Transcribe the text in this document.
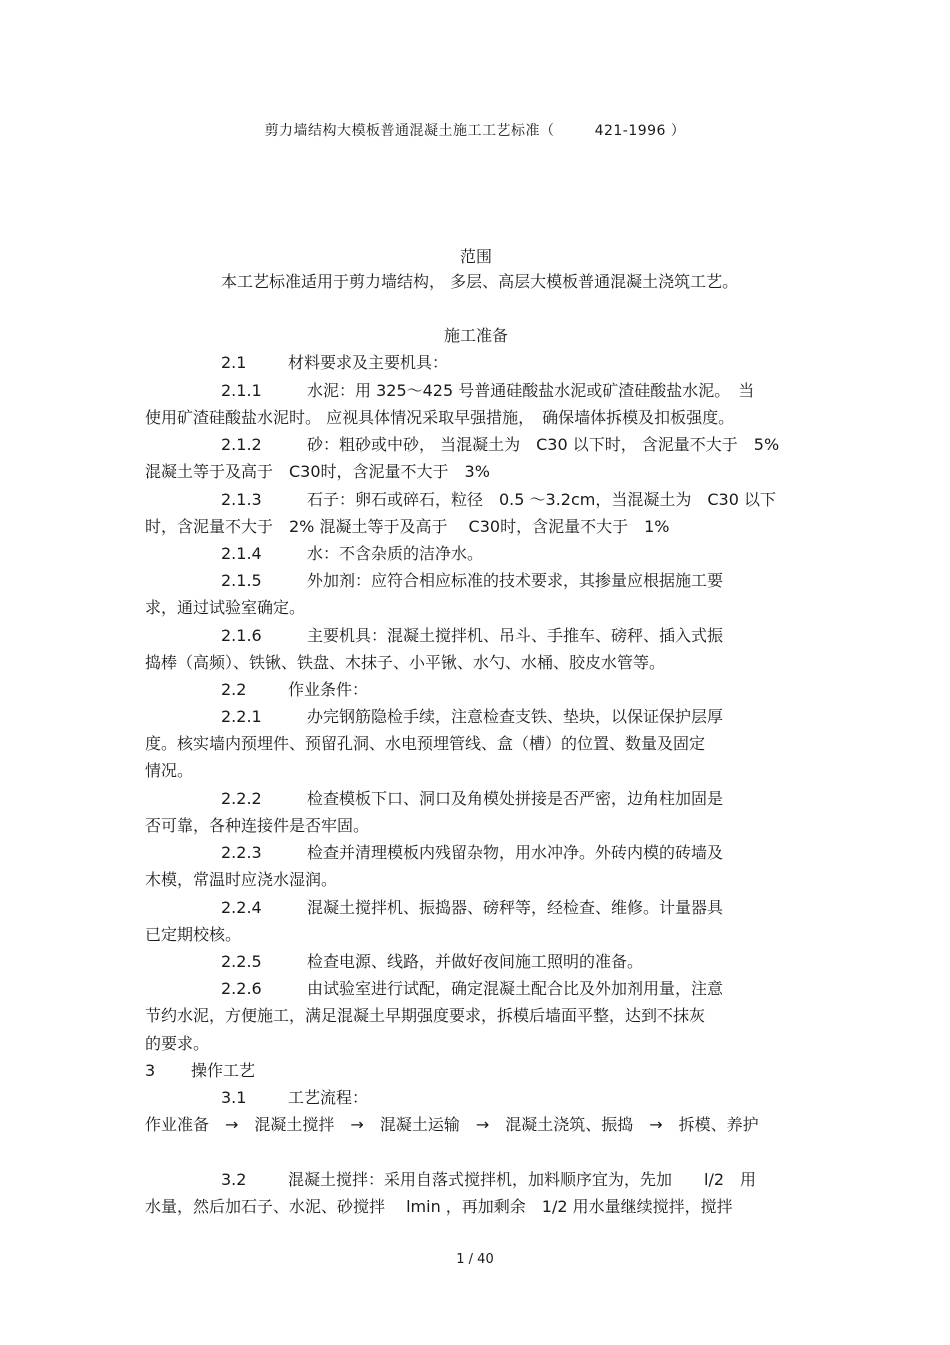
剪力墙结构大模板普通混凝土施工工艺标准（	421-1996 ）
范围
本工艺标准适用于剪力墙结构， 多层、高层大模板普通混凝土浇筑工艺。
施工准备
2.1	材料要求及主要机具：
2.1.1	水泥：用 325～425 号普通硅酸盐水泥或矿渣硅酸盐水泥。　当
使用矿渣硅酸盐水泥时。 应视具体情况采取早强措施，　确保墙体拆模及扣板强度。
2.1.2	砂：粗砂或中砂， 当混凝土为　C30 以下时， 含泥量不大于　5%
混凝土等于及高于　C30时，含泥量不大于　3%
2.1.3	石子：卵石或碎石，粒径　0.5 ～3.2cm，当混凝土为　C30 以下
时，含泥量不大于　2% 混凝土等于及高于　 C30时，含泥量不大于　1%
2.1.4	水：不含杂质的洁净水。
2.1.5	外加剂：应符合相应标准的技术要求，其掺量应根据施工要
求，通过试验室确定。
2.1.6	主要机具：混凝土搅拌机、吊斗、手推车、磅秤、插入式振
捣棒（高频）、铁锹、铁盘、木抹子、小平锹、水勺、水桶、胶皮水管等。
2.2	作业条件：
2.2.1	办完钢筋隐检手续，注意检查支铁、垫块，以保证保护层厚
度。核实墙内预埋件、预留孔洞、水电预埋管线、盒（槽）的位置、数量及固定
情况。
2.2.2	检查模板下口、洞口及角模处拼接是否严密，边角柱加固是
否可靠，各种连接件是否牢固。
2.2.3	检查并清理模板内残留杂物，用水冲净。外砖内模的砖墙及
木模，常温时应浇水湿润。
2.2.4	混凝土搅拌机、振捣器、磅秤等，经检查、维修。计量器具
已定期校核。
2.2.5	检查电源、线路，并做好夜间施工照明的准备。
2.2.6	由试验室进行试配，确定混凝土配合比及外加剂用量，注意
节约水泥，方便施工，满足混凝土早期强度要求，拆模后墙面平整，达到不抹灰
的要求。
3 操作工艺
3.1	工艺流程：
作业准备　→　混凝土搅拌　→　混凝土运输　→　混凝土浇筑、振捣　→　拆模、养护
3.2	混凝土搅拌：采用自落式搅拌机，加料顺序宜为，先加　　l/2　用
水量，然后加石子、水泥、砂搅拌　 lmin ，再加剩余　1/2 用水量继续搅拌，搅拌
1 / 40
